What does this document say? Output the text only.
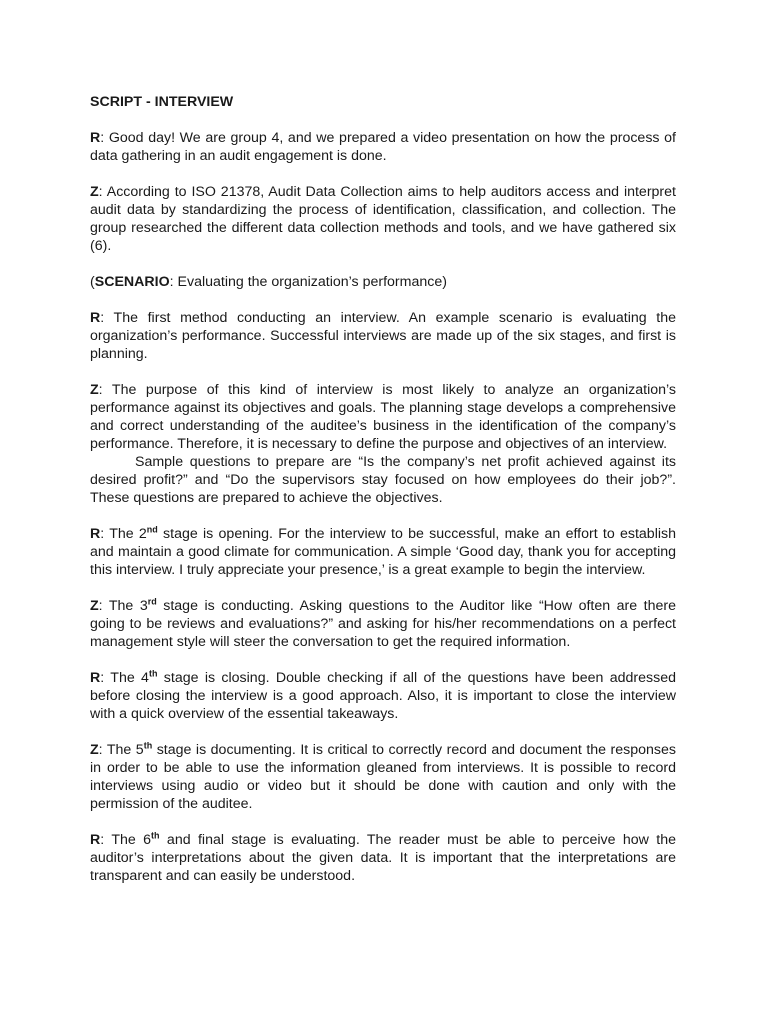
SCRIPT - INTERVIEW

R: Good day! We are group 4, and we prepared a video presentation on how the process of data gathering in an audit engagement is done.

Z: According to ISO 21378, Audit Data Collection aims to help auditors access and interpret audit data by standardizing the process of identification, classification, and collection. The group researched the different data collection methods and tools, and we have gathered six (6).

(SCENARIO: Evaluating the organization’s performance)

R: The first method conducting an interview. An example scenario is evaluating the organization’s performance. Successful interviews are made up of the six stages, and first is planning.

Z: The purpose of this kind of interview is most likely to analyze an organization’s performance against its objectives and goals. The planning stage develops a comprehensive and correct understanding of the auditee’s business in the identification of the company’s performance. Therefore, it is necessary to define the purpose and objectives of an interview.

Sample questions to prepare are “Is the company’s net profit achieved against its desired profit?” and “Do the supervisors stay focused on how employees do their job?”. These questions are prepared to achieve the objectives.

R: The 2nd stage is opening. For the interview to be successful, make an effort to establish and maintain a good climate for communication. A simple ‘Good day, thank you for accepting this interview. I truly appreciate your presence,’ is a great example to begin the interview.

Z: The 3rd stage is conducting. Asking questions to the Auditor like “How often are there going to be reviews and evaluations?” and asking for his/her recommendations on a perfect management style will steer the conversation to get the required information.

R: The 4th stage is closing. Double checking if all of the questions have been addressed before closing the interview is a good approach. Also, it is important to close the interview with a quick overview of the essential takeaways.

Z: The 5th stage is documenting. It is critical to correctly record and document the responses in order to be able to use the information gleaned from interviews. It is possible to record interviews using audio or video but it should be done with caution and only with the permission of the auditee.

R: The 6th and final stage is evaluating. The reader must be able to perceive how the auditor’s interpretations about the given data. It is important that the interpretations are transparent and can easily be understood.
